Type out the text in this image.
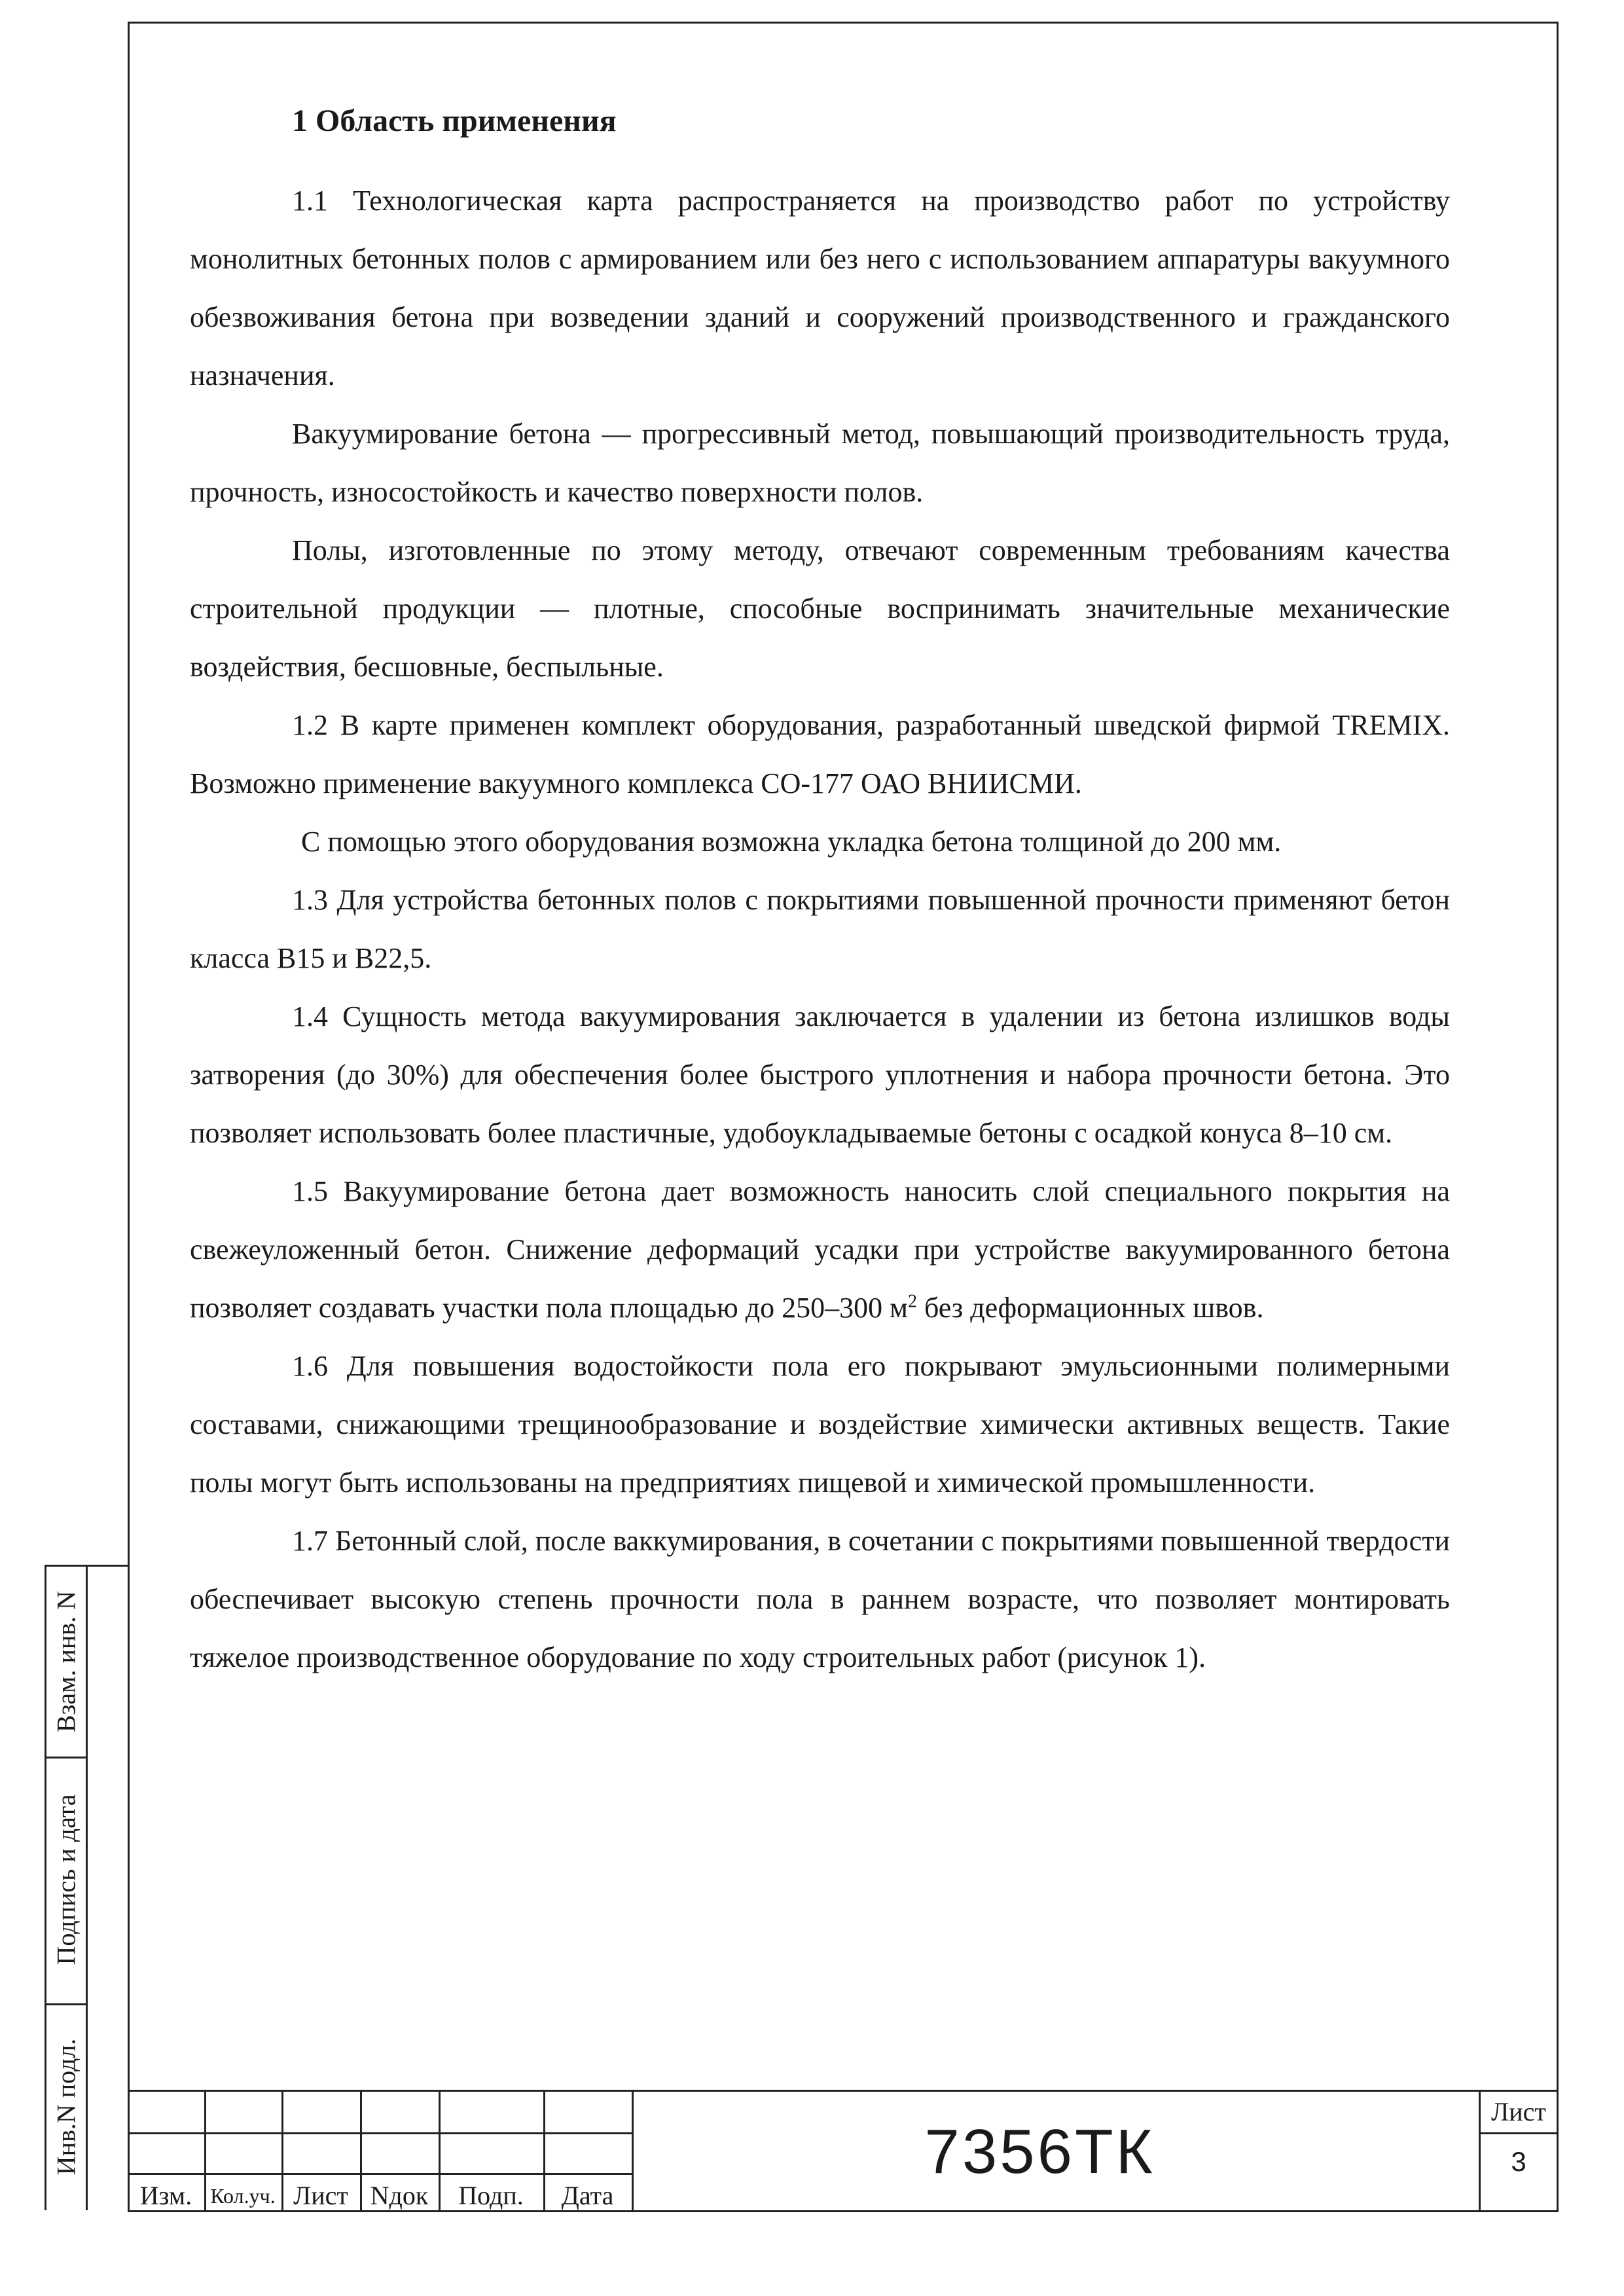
1 Область применения

1.1 Технологическая карта распространяется на производство работ по устройству монолитных бетонных полов с армированием или без него с использованием аппаратуры вакуумного обезвоживания бетона при возведении зданий и сооружений производственного и гражданского назначения.

Вакуумирование бетона — прогрессивный метод, повышающий производительность труда, прочность, износостойкость и качество поверхности полов.

Полы, изготовленные по этому методу, отвечают современным требованиям качества строительной продукции — плотные, способные воспринимать значительные механические воздействия, бесшовные, беспыльные.

1.2 В карте применен комплект оборудования, разработанный шведской фирмой TREMIX. Возможно применение вакуумного комплекса СО-177 ОАО ВНИИСМИ.

С помощью этого оборудования возможна укладка бетона толщиной до 200 мм.

1.3 Для устройства бетонных полов с покрытиями повышенной прочности применяют бетон класса В15 и В22,5.

1.4 Сущность метода вакуумирования заключается в удалении из бетона излишков воды затворения (до 30%) для обеспечения более быстрого уплотнения и набора прочности бетона. Это позволяет использовать более пластичные, удобоукладываемые бетоны с осадкой конуса 8–10 см.

1.5 Вакуумирование бетона дает возможность наносить слой специального покрытия на свежеуложенный бетон. Снижение деформаций усадки при устройстве вакуумированного бетона позволяет создавать участки пола площадью до 250–300 $м^2$ без деформационных швов.

1.6 Для повышения водостойкости пола его покрывают эмульсионными полимерными составами, снижающими трещинообразование и воздействие химически активных веществ. Такие полы могут быть использованы на предприятиях пищевой и химической промышленности.

1.7 Бетонный слой, после ваккумирования, в сочетании с покрытиями повышенной твердости обеспечивает высокую степень прочности пола в раннем возрасте, что позволяет монтировать тяжелое производственное оборудование по ходу строительных работ (рисунок 1).

Взам. инв. N
Подпись и дата
Инв.N подл.
Изм. Кол.уч. Лист Nдок	Подп.	Дата
7356ТК
Лист
3
